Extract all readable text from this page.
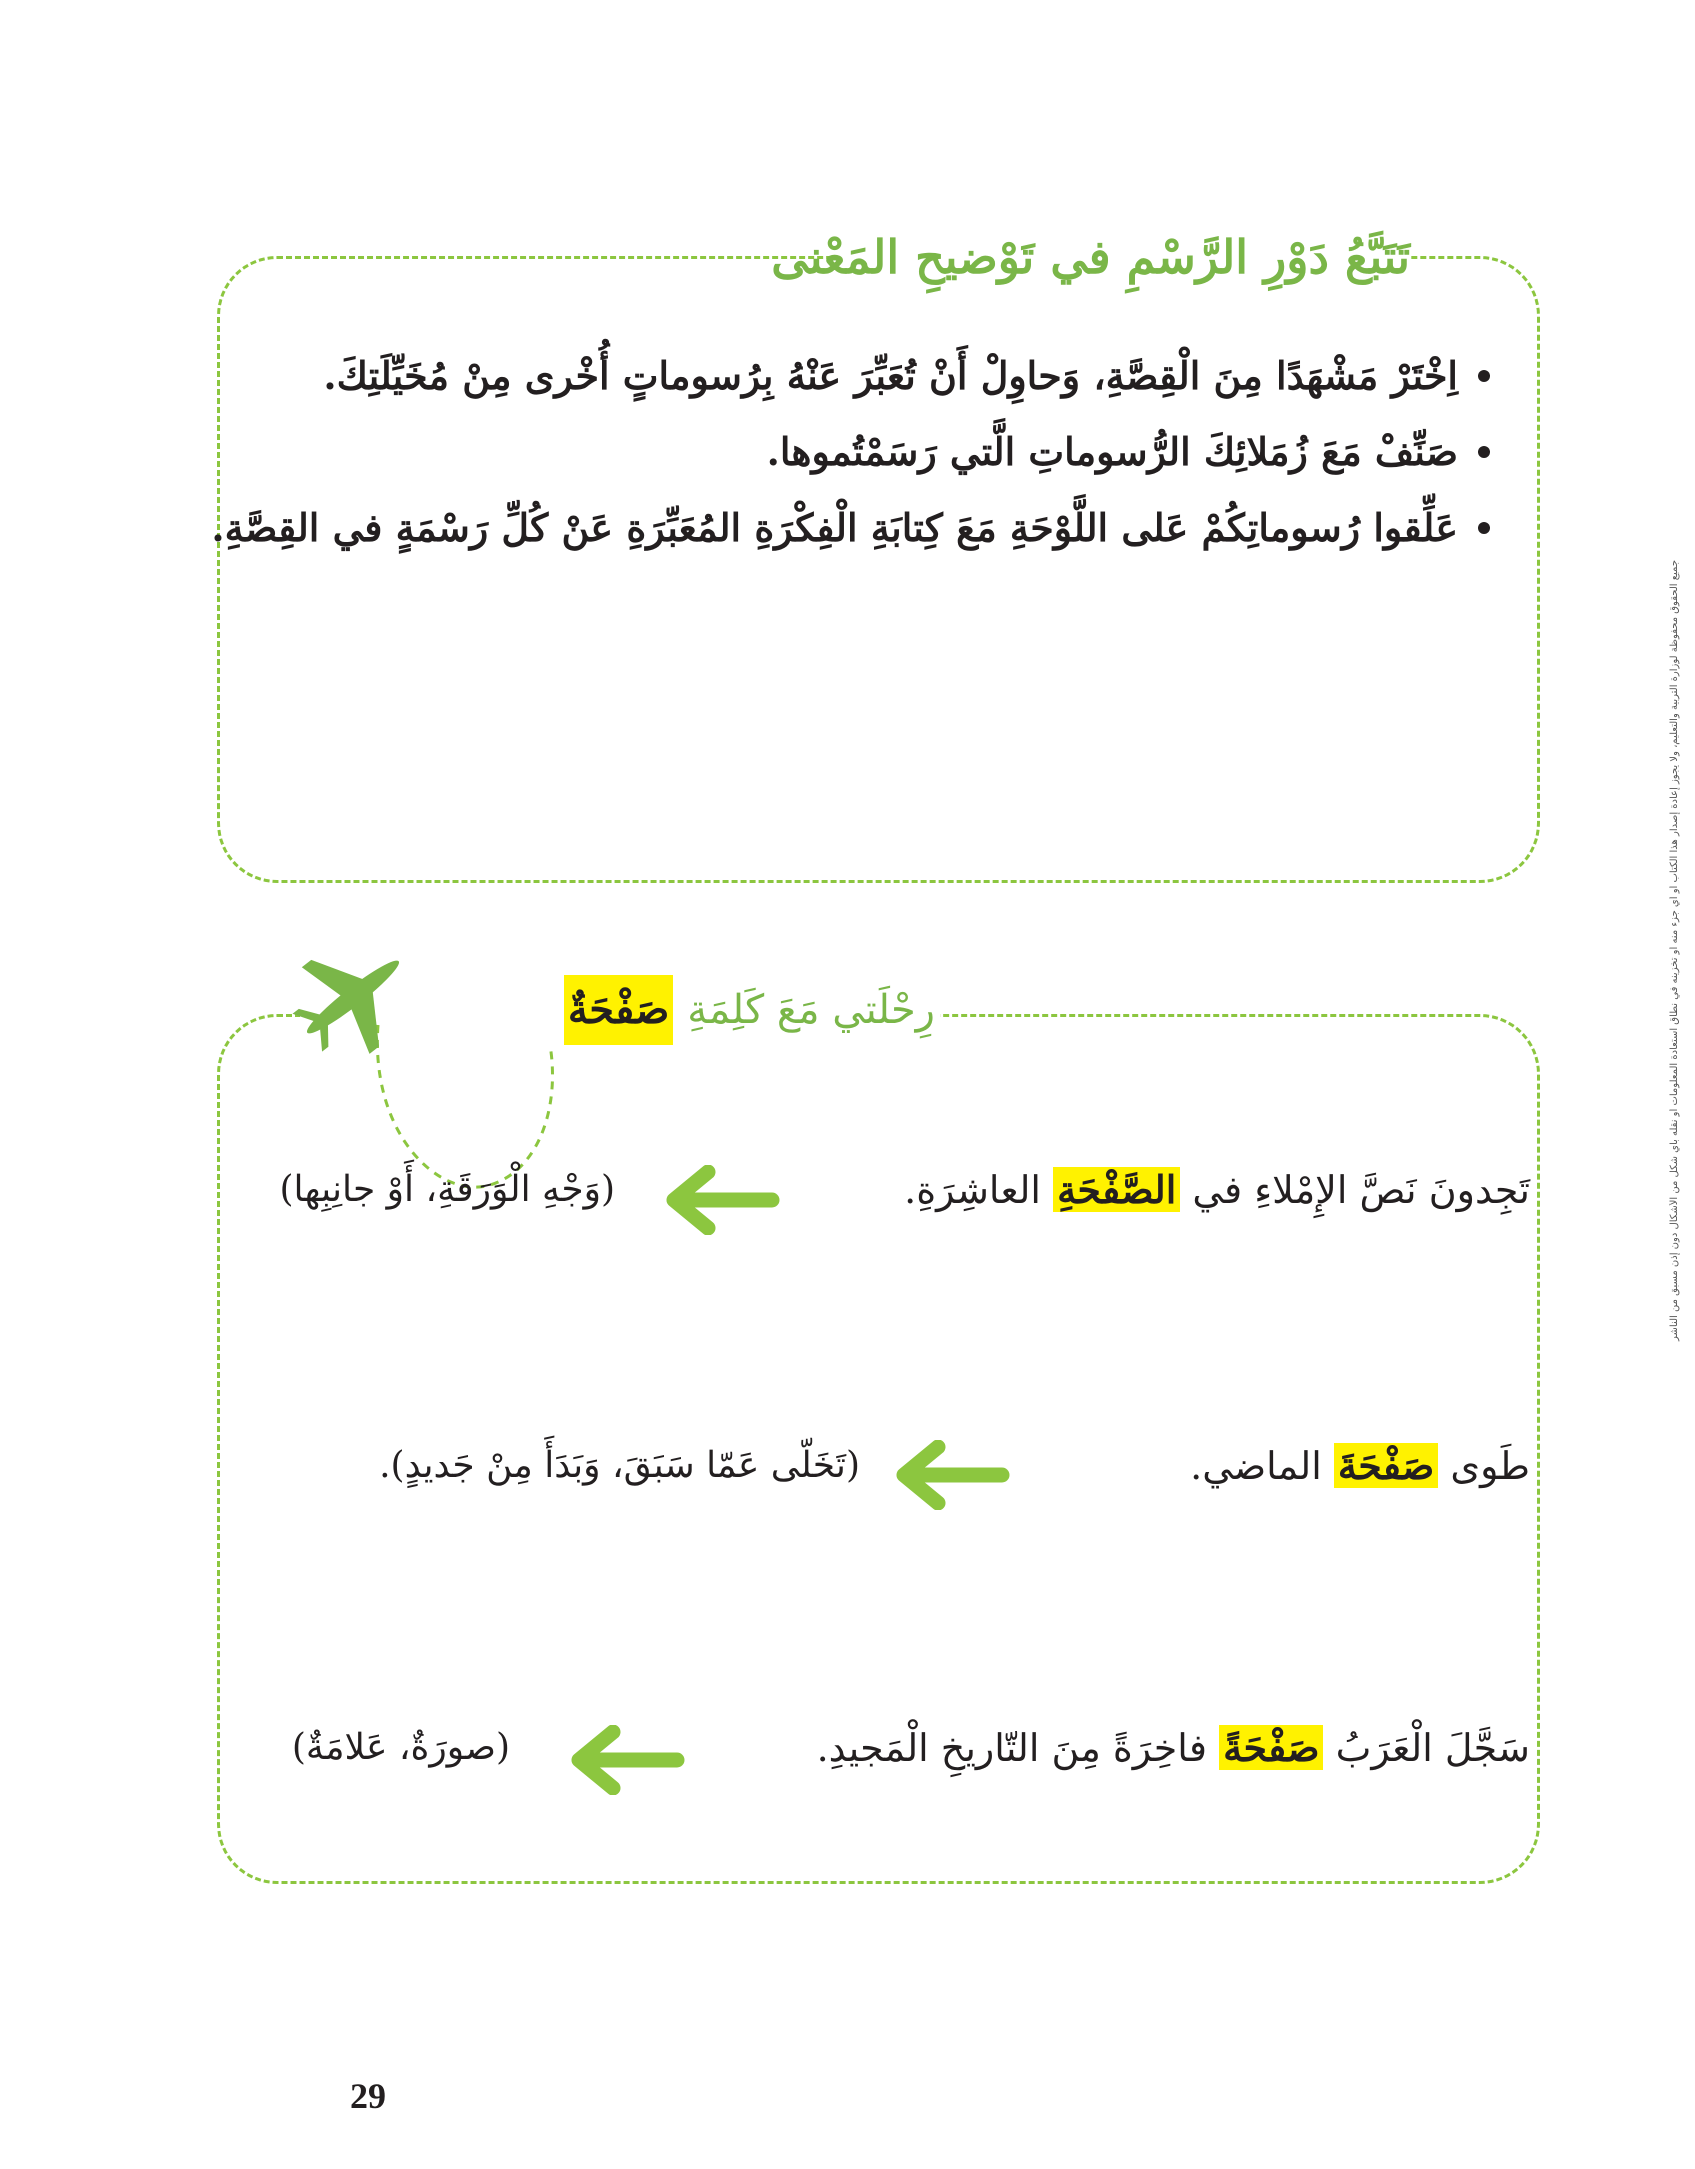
تَتَبَّعُ دَوْرِ الرَّسْمِ في تَوْضيحِ المَعْنى
اِخْتَرْ مَشْهَدًا مِنَ الْقِصَّةِ، وَحاوِلْ أَنْ تُعَبِّرَ عَنْهُ بِرُسوماتٍ أُخْرى مِنْ مُخَيِّلَتِكَ.
صَنِّفْ مَعَ زُمَلائِكَ الرُّسوماتِ الَّتي رَسَمْتُموها.
عَلِّقوا رُسوماتِكُمْ عَلى اللَّوْحَةِ مَعَ كِتابَةِ الْفِكْرَةِ المُعَبِّرَةِ عَنْ كُلِّ رَسْمَةٍ في القِصَّةِ.
رِحْلَتي مَعَ كَلِمَةِ
صَفْحَةٌ
تَجِدونَ نَصَّ الإِمْلاءِ في الصَّفْحَةِ العاشِرَةِ.
(وَجْهِ الْوَرَقَةِ، أَوْ جانِبِها)
طَوى صَفْحَةَ الماضي.
(تَخَلّى عَمّا سَبَقَ، وَبَدَأَ مِنْ جَديدٍ).
سَجَّلَ الْعَرَبُ صَفْحَةً فاخِرَةً مِنَ التّاريخِ الْمَجيدِ.
(صورَةٌ، عَلامَةٌ)
جميع الحقوق محفوظة لوزارة التربية والتعليم، ولا يجوز إعادة إصدار هذا الكتاب أو أي جزء منه أو تخزينه في نطاق استعادة المعلومات أو نقله بأي شكل من الأشكال دون إذن مسبق من الناشر
29
